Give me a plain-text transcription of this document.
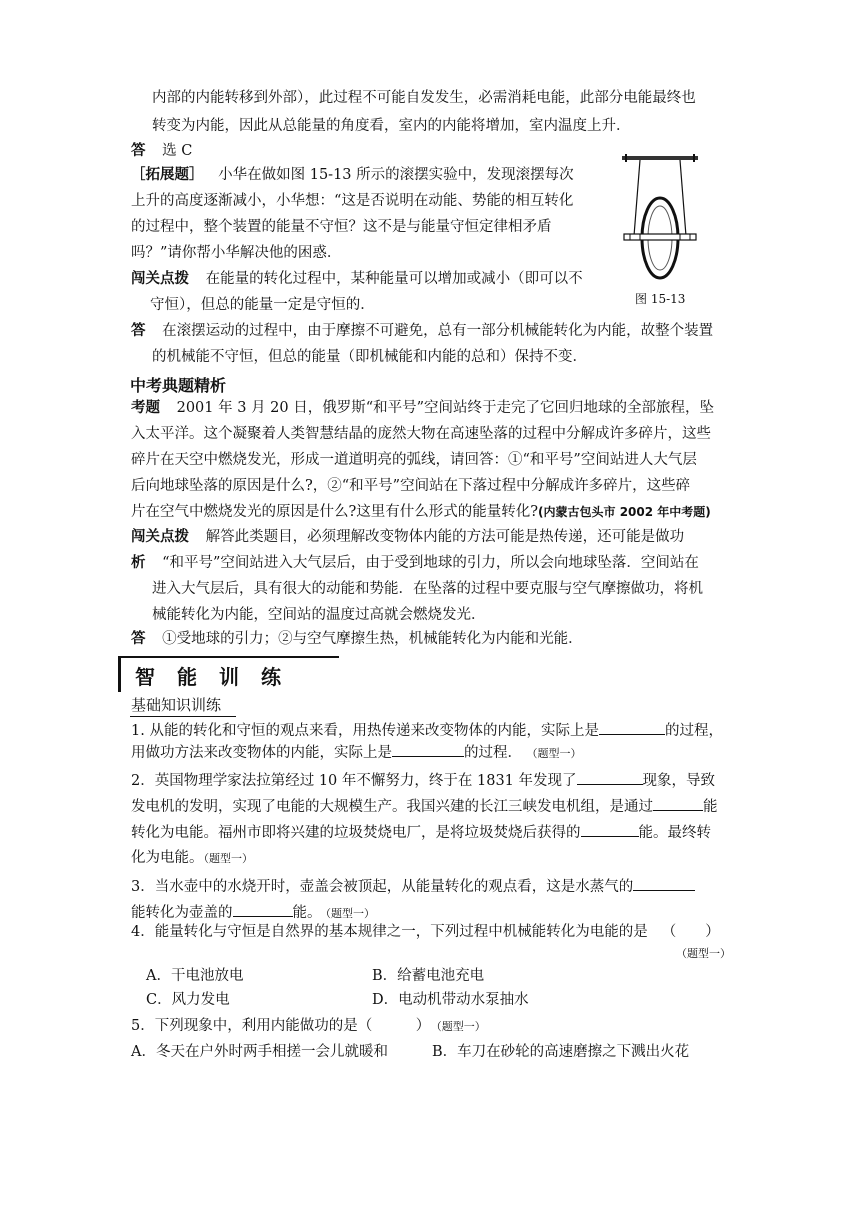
内部的内能转移到外部），此过程不可能自发发生，必需消耗电能，此部分电能最终也
转变为内能，因此从总能量的角度看，室内的内能将增加，室内温度上升．
答 选 C
［拓展题］ 小华在做如图 15-13 所示的滚摆实验中，发现滚摆每次
上升的高度逐渐减小，小华想：“这是否说明在动能、势能的相互转化
的过程中，整个装置的能量不守恒？这不是与能量守恒定律相矛盾
吗？”请你帮小华解决他的困惑．
闯关点拨 在能量的转化过程中，某种能量可以增加或减小（即可以不
守恒），但总的能量一定是守恒的．
答 在滚摆运动的过程中，由于摩擦不可避免，总有一部分机械能转化为内能，故整个装置
的机械能不守恒，但总的能量（即机械能和内能的总和）保持不变．
图 15-13
中考典题精析
考题 2001 年 3 月 20 日，俄罗斯“和平号”空间站终于走完了它回归地球的全部旅程，坠
入太平洋。这个凝聚着人类智慧结晶的庞然大物在高速坠落的过程中分解成许多碎片，这些
碎片在天空中燃烧发光，形成一道道明亮的弧线，请回答：①“和平号”空间站进人大气层
后向地球坠落的原因是什么?，②“和平号”空间站在下落过程中分解成许多碎片，这些碎
片在空气中燃烧发光的原因是什么?这里有什么形式的能量转化?(内蒙古包头市 2002 年中考题)
闯关点拨 解答此类题目，必须理解改变物体内能的方法可能是热传递，还可能是做功
析 “和平号”空间站进入大气层后，由于受到地球的引力，所以会向地球坠落．空间站在
进入大气层后，具有很大的动能和势能．在坠落的过程中要克服与空气摩擦做功，将机
械能转化为内能，空间站的温度过高就会燃烧发光．
答 ①受地球的引力；②与空气摩擦生热，机械能转化为内能和光能．
智能训练
基础知识训练
1. 从能的转化和守恒的观点来看，用热传递来改变物体的内能，实际上是	的过程，
用做功方法来改变物体的内能，实际上是	的过程． （题型一）
2．英国物理学家法拉第经过 10 年不懈努力，终于在 1831 年发现了	现象，导致
发电机的发明，实现了电能的大规模生产。我国兴建的长江三峡发电机组，是通过	能
转化为电能。福州市即将兴建的垃圾焚烧电厂，是将垃圾焚烧后获得的	能。最终转
化为电能。（题型一）
3．当水壶中的水烧开时，壶盖会被顶起，从能量转化的观点看，这是水蒸气的
能转化为壶盖的	能。 （题型一）
4．能量转化与守恒是自然界的基本规律之一，下列过程中机械能转化为电能的是 （　　）
（题型一）
A．干电池放电	B．给蓄电池充电
C．风力发电	D．电动机带动水泵抽水
5．下列现象中，利用内能做功的是（　　　） （题型一）
A．冬天在户外时两手相搓一会儿就暖和	B．车刀在砂轮的高速磨擦之下溅出火花
